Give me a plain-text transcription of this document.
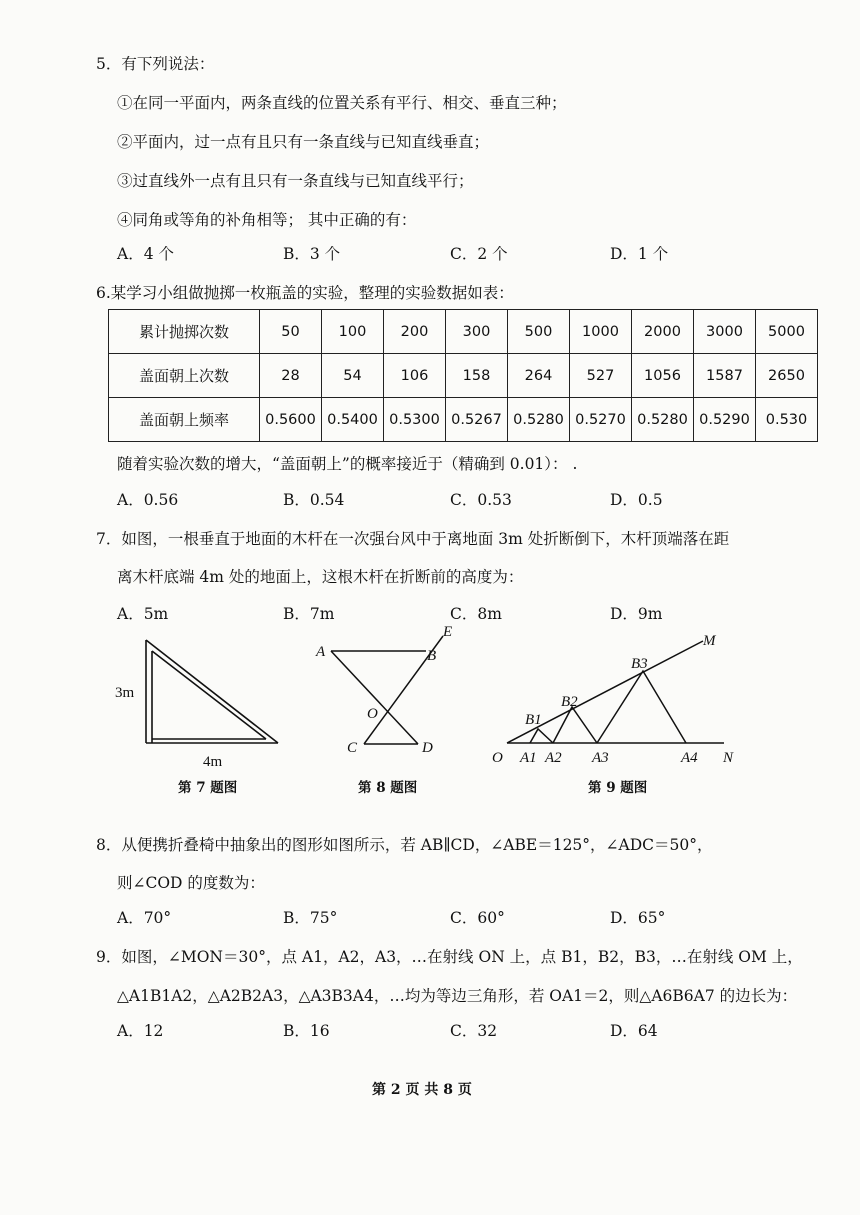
5．有下列说法：
①在同一平面内，两条直线的位置关系有平行、相交、垂直三种；
②平面内，过一点有且只有一条直线与已知直线垂直；
③过直线外一点有且只有一条直线与已知直线平行；
④同角或等角的补角相等； 其中正确的有：
A．4 个	B．3 个	C．2 个	D．1 个
6.某学习小组做抛掷一枚瓶盖的实验，整理的实验数据如表：
累计抛掷次数	50	100	200	300	500	1000	2000	3000	5000
盖面朝上次数	28	54	106	158	264	527	1056	1587	2650
盖面朝上频率	0.5600	0.5400	0.5300	0.5267	0.5280	0.5270	0.5280	0.5290	0.530
随着实验次数的增大，“盖面朝上”的概率接近于（精确到 0.01）： .
A．0.56	B．0.54	C．0.53	D．0.5
7．如图，一根垂直于地面的木杆在一次强台风中于离地面 3m 处折断倒下，木杆顶端落在距
离木杆底端 4m 处的地面上，这根木杆在折断前的高度为：
A．5m	B．7m	C．8m	D．9m
3m
4m
A	B
E
O
C	D
O A1 A2 A3	A4 N
B1
B2
B3
M
第 7 题图	第 8 题图	第 9 题图
8．从便携折叠椅中抽象出的图形如图所示，若 AB∥CD，∠ABE＝125°，∠ADC＝50°，
则∠COD 的度数为：
A．70°	B．75°	C．60°	D．65°
9．如图，∠MON＝30°，点 A1，A2，A3，…在射线 ON 上，点 B1，B2，B3，…在射线 OM 上，
△A1B1A2，△A2B2A3，△A3B3A4，…均为等边三角形，若 OA1＝2，则△A6B6A7 的边长为：
A．12	B．16	C．32	D．64
第 2 页 共 8 页
